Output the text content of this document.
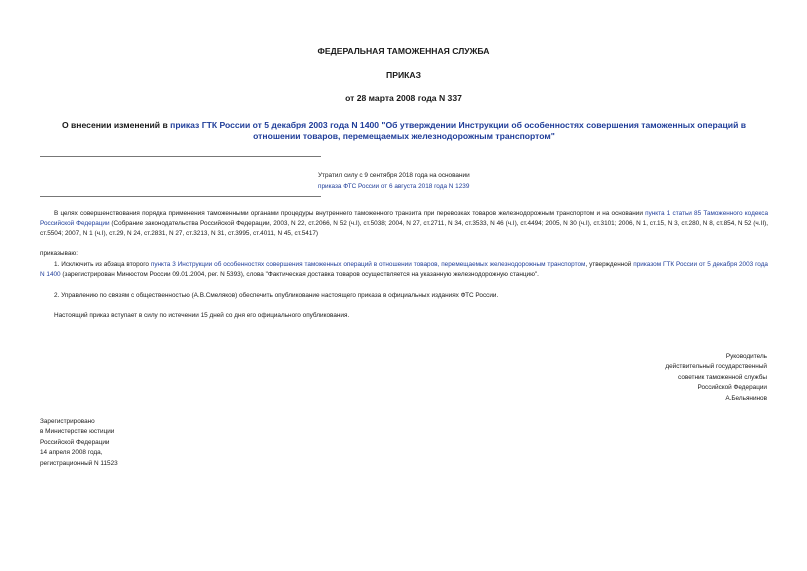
ФЕДЕРАЛЬНАЯ ТАМОЖЕННАЯ СЛУЖБА
ПРИКАЗ
от 28 марта 2008 года N 337
О внесении изменений в приказ ГТК России от 5 декабря 2003 года N 1400 "Об утверждении Инструкции об особенностях совершения таможенных операций в отношении товаров, перемещаемых железнодорожным транспортом"
Утратил силу с 9 сентября 2018 года на основании
приказа ФТС России от 6 августа 2018 года N 1239
В целях совершенствования порядка применения таможенными органами процедуры внутреннего таможенного транзита при перевозках товаров железнодорожным транспортом и на основании пункта 1 статьи 85 Таможенного кодекса Российской Федерации (Собрание законодательства Российской Федерации, 2003, N 22, ст.2066, N 52 (ч.I), ст.5038; 2004, N 27, ст.2711, N 34, ст.3533, N 46 (ч.I), ст.4494; 2005, N 30 (ч.I), ст.3101; 2006, N 1, ст.15, N 3, ст.280, N 8, ст.854, N 52 (ч.II), ст.5504; 2007, N 1 (ч.I), ст.29, N 24, ст.2831, N 27, ст.3213, N 31, ст.3995, ст.4011, N 45, ст.5417)
приказываю:
1. Исключить из абзаца второго пункта 3 Инструкции об особенностях совершения таможенных операций в отношении товаров, перемещаемых железнодорожным транспортом, утвержденной приказом ГТК России от 5 декабря 2003 года N 1400 (зарегистрирован Минюстом России 09.01.2004, рег. N 5393), слова "Фактическая доставка товаров осуществляется на указанную железнодорожную станцию".
2. Управлению по связям с общественностью (А.В.Смеляков) обеспечить опубликование настоящего приказа в официальных изданиях ФТС России.
Настоящий приказ вступает в силу по истечении 15 дней со дня его официального опубликования.
Руководитель
действительный государственный
советник таможенной службы
Российской Федерации
А.Бельянинов
Зарегистрировано
в Министерстве юстиции
Российской Федерации
14 апреля 2008 года,
регистрационный N 11523
